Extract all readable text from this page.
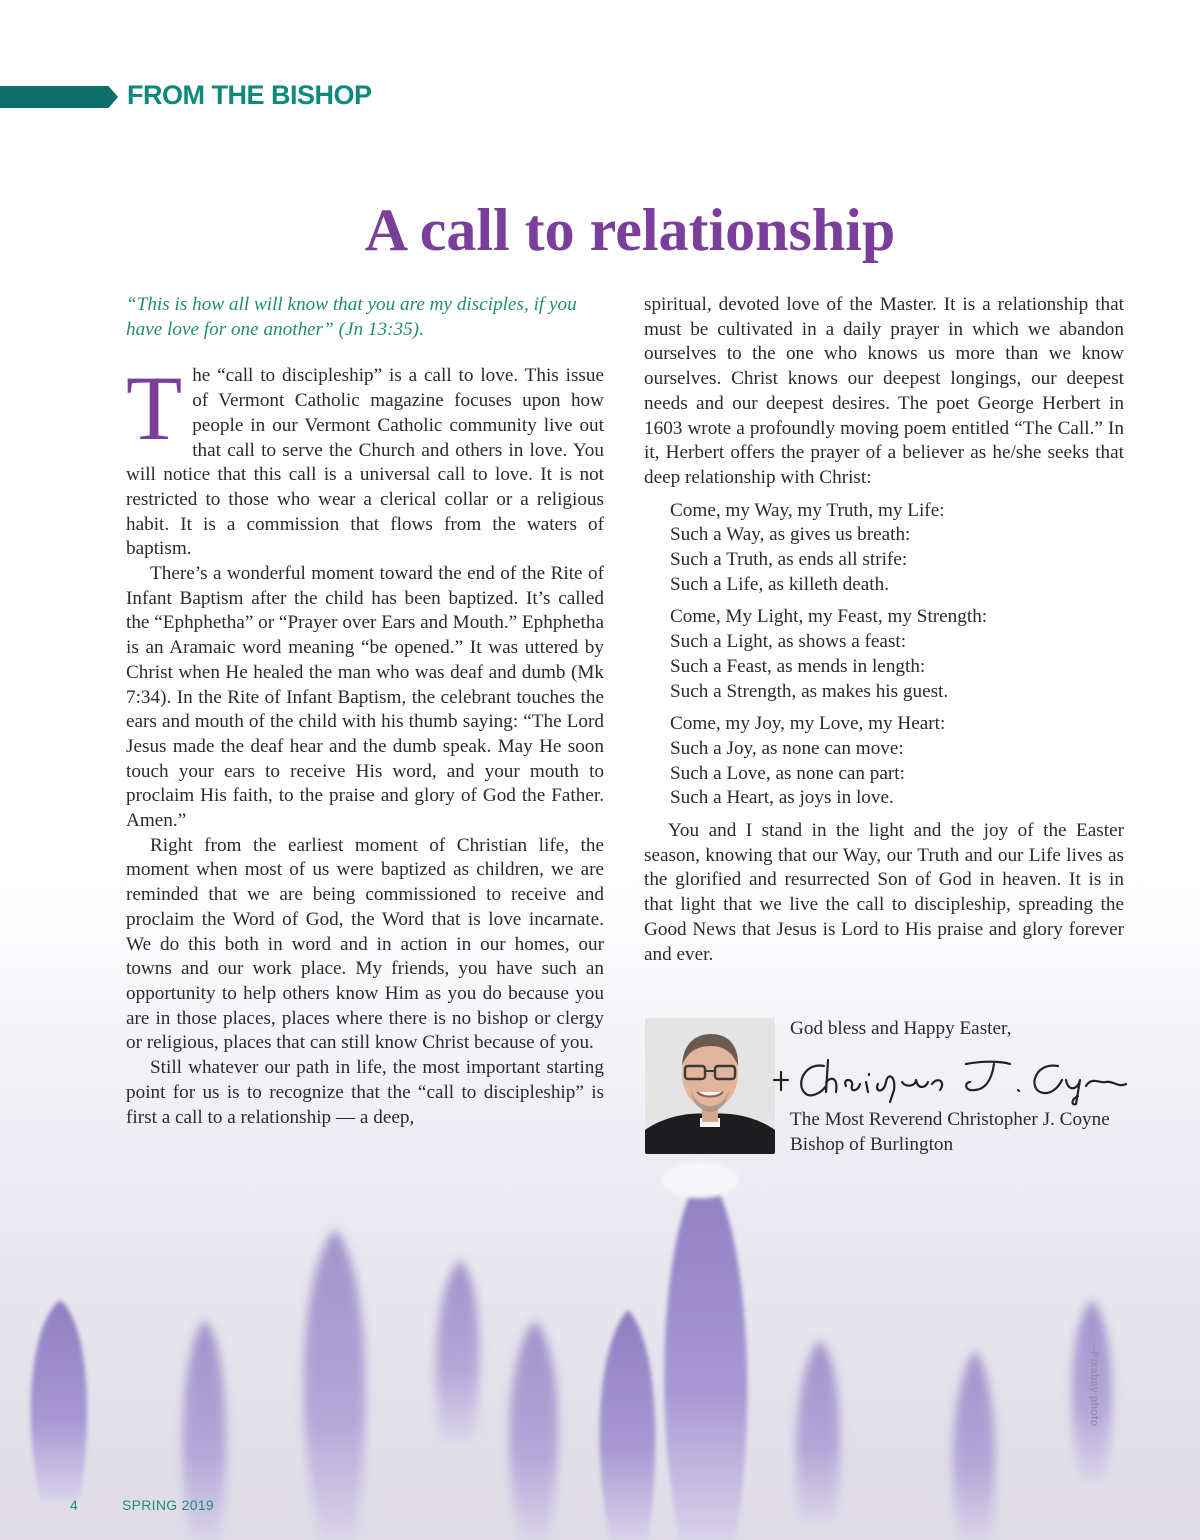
FROM THE BISHOP
A call to relationship

“This is how all will know that you are my disciples, if you have love for one another” (Jn 13:35).

The “call to discipleship” is a call to love. This issue of Vermont Catholic magazine focuses upon how people in our Vermont Catholic community live out that call to serve the Church and others in love. You will notice that this call is a universal call to love. It is not restricted to those who wear a clerical collar or a religious habit. It is a commission that flows from the waters of baptism.

There’s a wonderful moment toward the end of the Rite of Infant Baptism after the child has been baptized. It’s called the “Ephphetha” or “Prayer over Ears and Mouth.” Ephphetha is an Aramaic word meaning “be opened.” It was uttered by Christ when He healed the man who was deaf and dumb (Mk 7:34). In the Rite of Infant Baptism, the celebrant touches the ears and mouth of the child with his thumb saying: “The Lord Jesus made the deaf hear and the dumb speak. May He soon touch your ears to receive His word, and your mouth to proclaim His faith, to the praise and glory of God the Father. Amen.”

Right from the earliest moment of Christian life, the moment when most of us were baptized as children, we are reminded that we are being commissioned to receive and proclaim the Word of God, the Word that is love incarnate. We do this both in word and in action in our homes, our towns and our work place. My friends, you have such an opportunity to help others know Him as you do because you are in those places, places where there is no bishop or clergy or religious, places that can still know Christ because of you.

Still whatever our path in life, the most important starting point for us is to recognize that the “call to discipleship” is first a call to a relationship — a deep,

spiritual, devoted love of the Master. It is a relationship that must be cultivated in a daily prayer in which we abandon ourselves to the one who knows us more than we know ourselves. Christ knows our deepest longings, our deepest needs and our deepest desires. The poet George Herbert in 1603 wrote a profoundly moving poem entitled “The Call.” In it, Herbert offers the prayer of a believer as he/she seeks that deep relationship with Christ:

Come, my Way, my Truth, my Life:
Such a Way, as gives us breath:
Such a Truth, as ends all strife:
Such a Life, as killeth death.
Come, My Light, my Feast, my Strength:
Such a Light, as shows a feast:
Such a Feast, as mends in length:
Such a Strength, as makes his guest.
Come, my Joy, my Love, my Heart:
Such a Joy, as none can move:
Such a Love, as none can part:
Such a Heart, as joys in love.

You and I stand in the light and the joy of the Easter season, knowing that our Way, our Truth and our Life lives as the glorified and resurrected Son of God in heaven. It is in that light that we live the call to discipleship, spreading the Good News that Jesus is Lord to His praise and glory forever and ever.

God bless and Happy Easter,
The Most Reverend Christopher J. Coyne
Bishop of Burlington
–Pixabay photo
4	SPRING 2019
